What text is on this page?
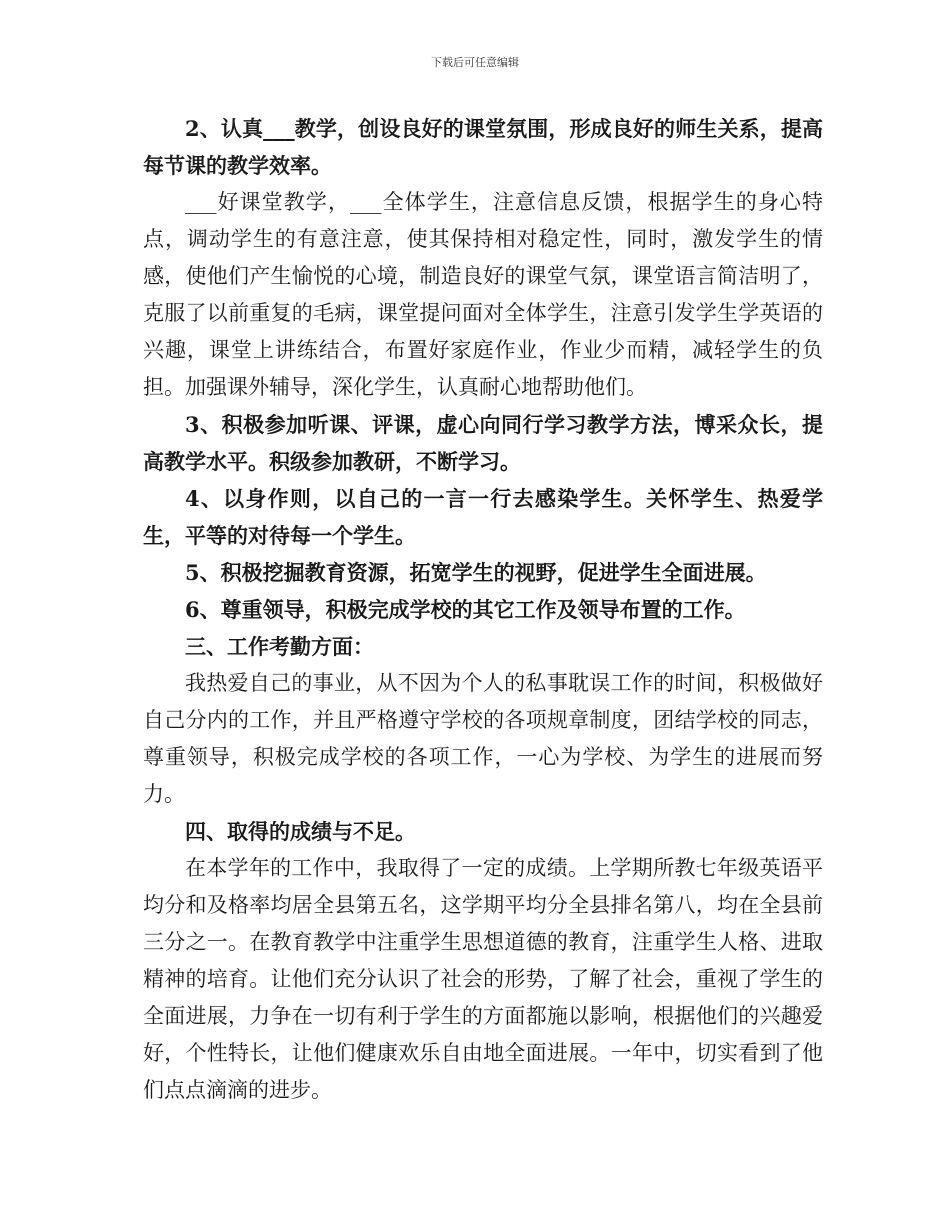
下载后可任意编辑

2、认真___教学，创设良好的课堂氛围，形成良好的师生关系，提高每节课的教学效率。

___好课堂教学，___全体学生，注意信息反馈，根据学生的身心特点，调动学生的有意注意，使其保持相对稳定性，同时，激发学生的情感，使他们产生愉悦的心境，制造良好的课堂气氛，课堂语言简洁明了，克服了以前重复的毛病，课堂提问面对全体学生，注意引发学生学英语的兴趣，课堂上讲练结合，布置好家庭作业，作业少而精，减轻学生的负担。加强课外辅导，深化学生，认真耐心地帮助他们。

3、积极参加听课、评课，虚心向同行学习教学方法，博采众长，提高教学水平。积级参加教研，不断学习。

4、以身作则，以自己的一言一行去感染学生。关怀学生、热爱学生，平等的对待每一个学生。

5、积极挖掘教育资源，拓宽学生的视野，促进学生全面进展。

6、尊重领导，积极完成学校的其它工作及领导布置的工作。

三、工作考勤方面：

我热爱自己的事业，从不因为个人的私事耽误工作的时间，积极做好自己分内的工作，并且严格遵守学校的各项规章制度，团结学校的同志，尊重领导，积极完成学校的各项工作，一心为学校、为学生的进展而努力。

四、取得的成绩与不足。

在本学年的工作中，我取得了一定的成绩。上学期所教七年级英语平均分和及格率均居全县第五名，这学期平均分全县排名第八，均在全县前三分之一。在教育教学中注重学生思想道德的教育，注重学生人格、进取精神的培育。让他们充分认识了社会的形势，了解了社会，重视了学生的全面进展，力争在一切有利于学生的方面都施以影响，根据他们的兴趣爱好，个性特长，让他们健康欢乐自由地全面进展。一年中，切实看到了他们点点滴滴的进步。
